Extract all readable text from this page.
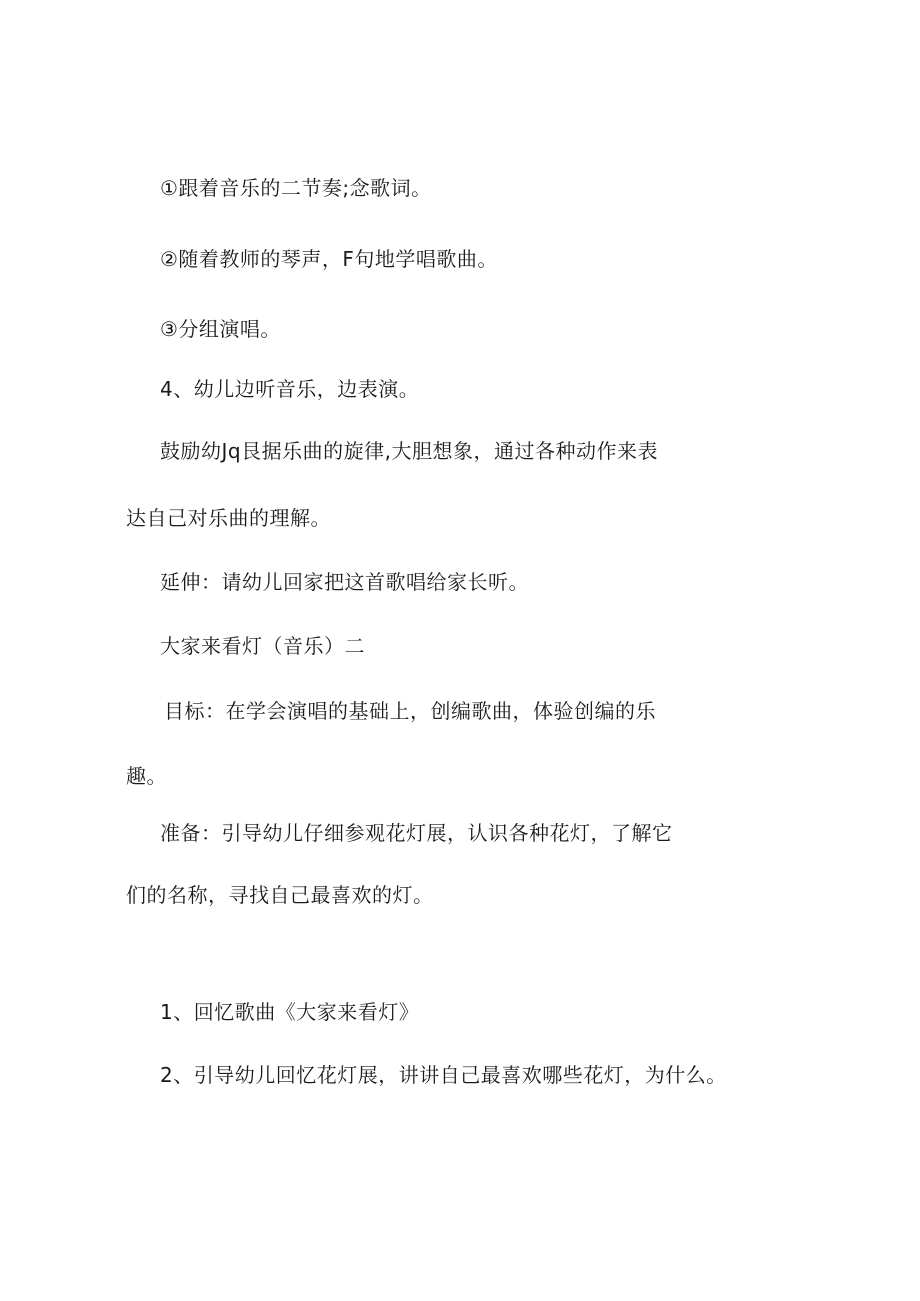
①跟着音乐的二节奏;念歌词。
②随着教师的琴声，F句地学唱歌曲。
③分组演唱。
4、幼儿边听音乐，边表演。
鼓励幼Jq艮据乐曲的旋律,大胆想象，通过各种动作来表
达自己对乐曲的理解。
延伸：请幼儿回家把这首歌唱给家长听。
大家来看灯（音乐）二
目标：在学会演唱的基础上，创编歌曲，体验创编的乐
趣。
准备：引导幼儿仔细参观花灯展，认识各种花灯，了解它
们的名称，寻找自己最喜欢的灯。
1、回忆歌曲《大家来看灯》
2、引导幼儿回忆花灯展，讲讲自己最喜欢哪些花灯，为什么。
